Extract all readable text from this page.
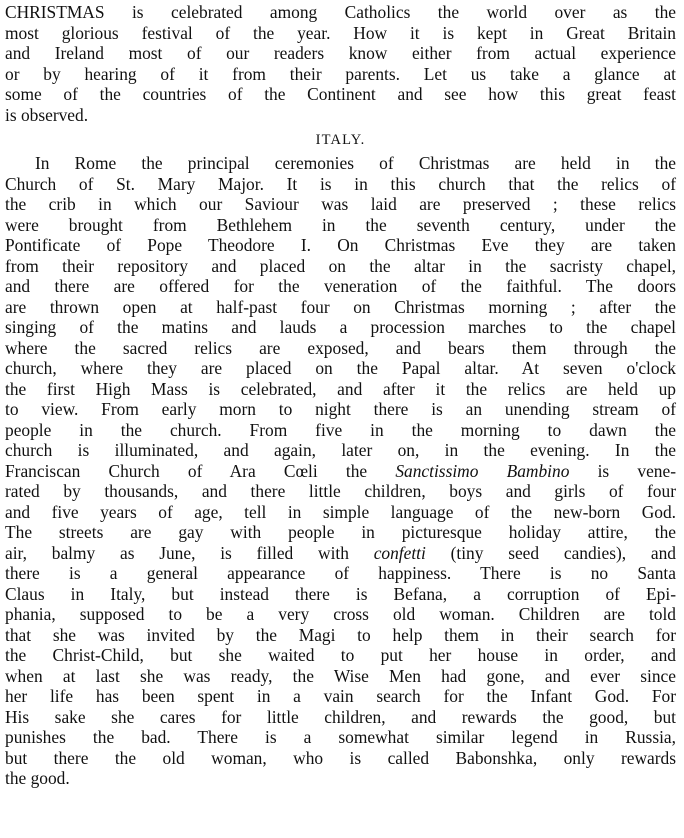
CHRISTMAS is celebrated among Catholics the world over as the
most glorious festival of the year. How it is kept in Great Britain
and Ireland most of our readers know either from actual experience
or by hearing of it from their parents. Let us take a glance at
some of the countries of the Continent and see how this great feast
is observed.
ITALY.
In Rome the principal ceremonies of Christmas are held in the
Church of St. Mary Major. It is in this church that the relics of
the crib in which our Saviour was laid are preserved ; these relics
were brought from Bethlehem in the seventh century, under the
Pontificate of Pope Theodore I. On Christmas Eve they are taken
from their repository and placed on the altar in the sacristy chapel,
and there are offered for the veneration of the faithful. The doors
are thrown open at half-past four on Christmas morning ; after the
singing of the matins and lauds a procession marches to the chapel
where the sacred relics are exposed, and bears them through the
church, where they are placed on the Papal altar. At seven o'clock
the first High Mass is celebrated, and after it the relics are held up
to view. From early morn to night there is an unending stream of
people in the church. From five in the morning to dawn the
church is illuminated, and again, later on, in the evening. In the
Franciscan Church of Ara Cœli the Sanctissimo Bambino is vene-
rated by thousands, and there little children, boys and girls of four
and five years of age, tell in simple language of the new-born God.
The streets are gay with people in picturesque holiday attire, the
air, balmy as June, is filled with confetti (tiny seed candies), and
there is a general appearance of happiness. There is no Santa
Claus in Italy, but instead there is Befana, a corruption of Epi-
phania, supposed to be a very cross old woman. Children are told
that she was invited by the Magi to help them in their search for
the Christ-Child, but she waited to put her house in order, and
when at last she was ready, the Wise Men had gone, and ever since
her life has been spent in a vain search for the Infant God. For
His sake she cares for little children, and rewards the good, but
punishes the bad. There is a somewhat similar legend in Russia,
but there the old woman, who is called Babonshka, only rewards
the good.
